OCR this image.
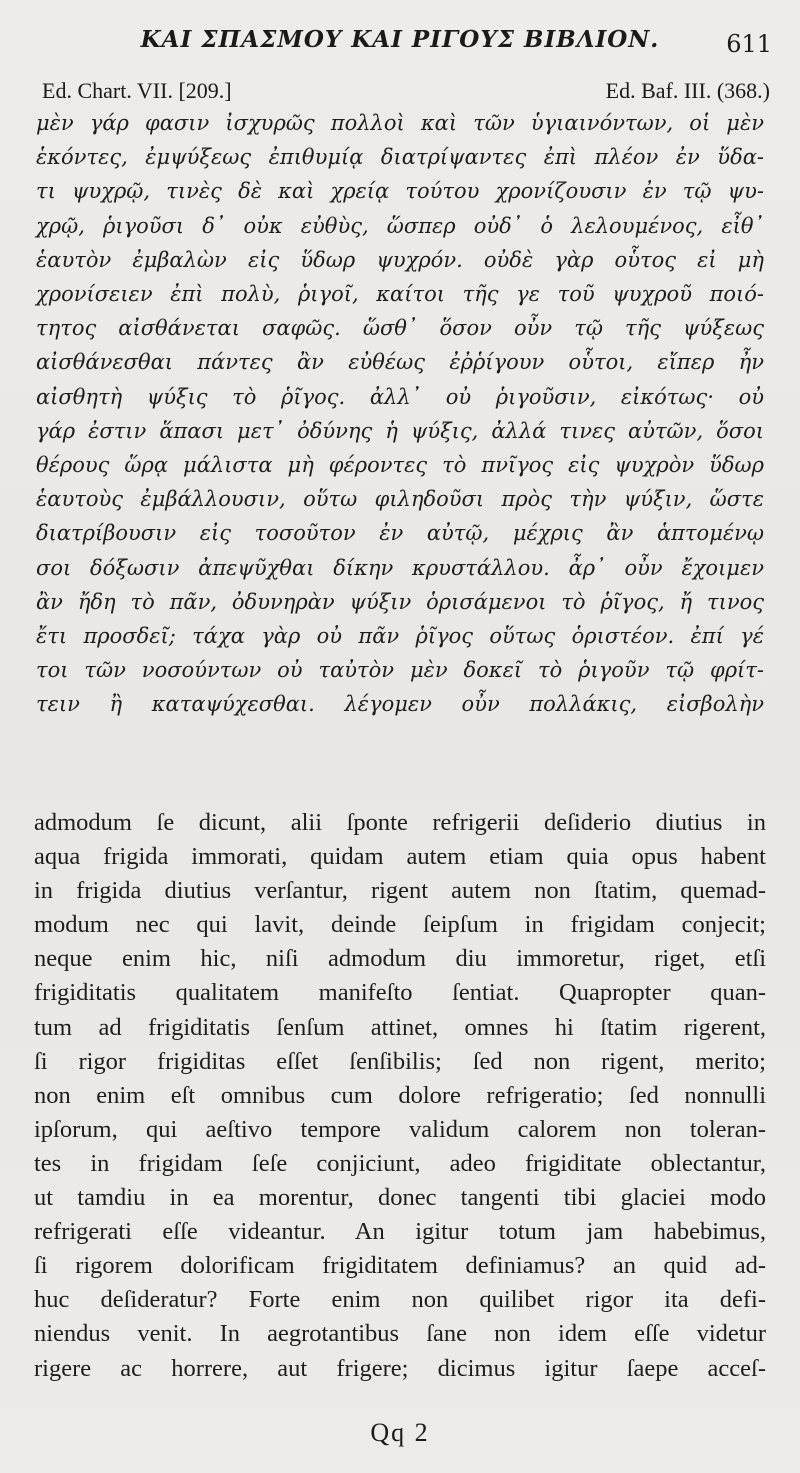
ΚΑΙ ΣΠΑΣΜΟΥ ΚΑΙ ΡΙΓΟΥΣ ΒΙΒΛΙΟΝ.	611
Ed. Chart. VII. [209.]	Ed. Baf. III. (368.)
μὲν γάρ φασιν ἰσχυρῶς πολλοὶ καὶ τῶν ὑγιαινόντων, οἱ μὲν
ἑκόντες, ἐμψύξεως ἐπιθυμίᾳ διατρίψαντες ἐπὶ πλέον ἐν ὕδα-
τι ψυχρῷ, τινὲς δὲ καὶ χρείᾳ τούτου χρονίζουσιν ἐν τῷ ψυ-
χρῷ, ῥιγοῦσι δ᾽ οὐκ εὐθὺς, ὥσπερ οὐδ᾽ ὁ λελουμένος, εἶθ᾽
ἑαυτὸν ἐμβαλὼν εἰς ὕδωρ ψυχρόν. οὐδὲ γὰρ οὗτος εἰ μὴ
χρονίσειεν ἐπὶ πολὺ, ῥιγοῖ, καίτοι τῆς γε τοῦ ψυχροῦ ποιό-
τητος αἰσθάνεται σαφῶς. ὥσθ᾽ ὅσον οὖν τῷ τῆς ψύξεως
αἰσθάνεσθαι πάντες ἂν εὐθέως ἐῤῥίγουν οὗτοι, εἴπερ ἦν
αἰσθητὴ ψύξις τὸ ῥῖγος. ἀλλ᾽ οὐ ῥιγοῦσιν, εἰκότως· οὐ
γάρ ἐστιν ἅπασι μετ᾽ ὀδύνης ἡ ψύξις, ἀλλά τινες αὐτῶν, ὅσοι
θέρους ὥρᾳ μάλιστα μὴ φέροντες τὸ πνῖγος εἰς ψυχρὸν ὕδωρ
ἑαυτοὺς ἐμβάλλουσιν, οὕτω φιληδοῦσι πρὸς τὴν ψύξιν, ὥστε
διατρίβουσιν εἰς τοσοῦτον ἐν αὐτῷ, μέχρις ἂν ἁπτομένῳ
σοι δόξωσιν ἀπεψῦχθαι δίκην κρυστάλλου. ἆρ᾽ οὖν ἔχοιμεν
ἂν ἤδη τὸ πᾶν, ὀδυνηρὰν ψύξιν ὁρισάμενοι τὸ ῥῖγος, ἤ τινος
ἔτι προσδεῖ; τάχα γὰρ οὐ πᾶν ῥῖγος οὕτως ὁριστέον. ἐπί γέ
τοι τῶν νοσούντων οὐ ταὐτὸν μὲν δοκεῖ τὸ ῥιγοῦν τῷ φρίτ-
τειν ἢ καταψύχεσθαι. λέγομεν οὖν πολλάκις, εἰσβολὴν
admodum ſe dicunt, alii ſponte refrigerii deſiderio diutius in
aqua frigida immorati, quidam autem etiam quia opus habent
in frigida diutius verſantur, rigent autem non ſtatim, quemad-
modum nec qui lavit, deinde ſeipſum in frigidam conjecit;
neque enim hic, niſi admodum diu immoretur, riget, etſi
frigiditatis qualitatem manifeſto ſentiat. Quapropter quan-
tum ad frigiditatis ſenſum attinet, omnes hi ſtatim rigerent,
ſi rigor frigiditas eſſet ſenſibilis; ſed non rigent, merito;
non enim eſt omnibus cum dolore refrigeratio; ſed nonnulli
ipſorum, qui aeſtivo tempore validum calorem non toleran-
tes in frigidam ſeſe conjiciunt, adeo frigiditate oblectantur,
ut tamdiu in ea morentur, donec tangenti tibi glaciei modo
refrigerati eſſe videantur. An igitur totum jam habebimus,
ſi rigorem dolorificam frigiditatem definiamus? an quid ad-
huc deſideratur? Forte enim non quilibet rigor ita defi-
niendus venit. In aegrotantibus ſane non idem eſſe videtur
rigere ac horrere, aut frigere; dicimus igitur ſaepe acceſ-
Qq 2
